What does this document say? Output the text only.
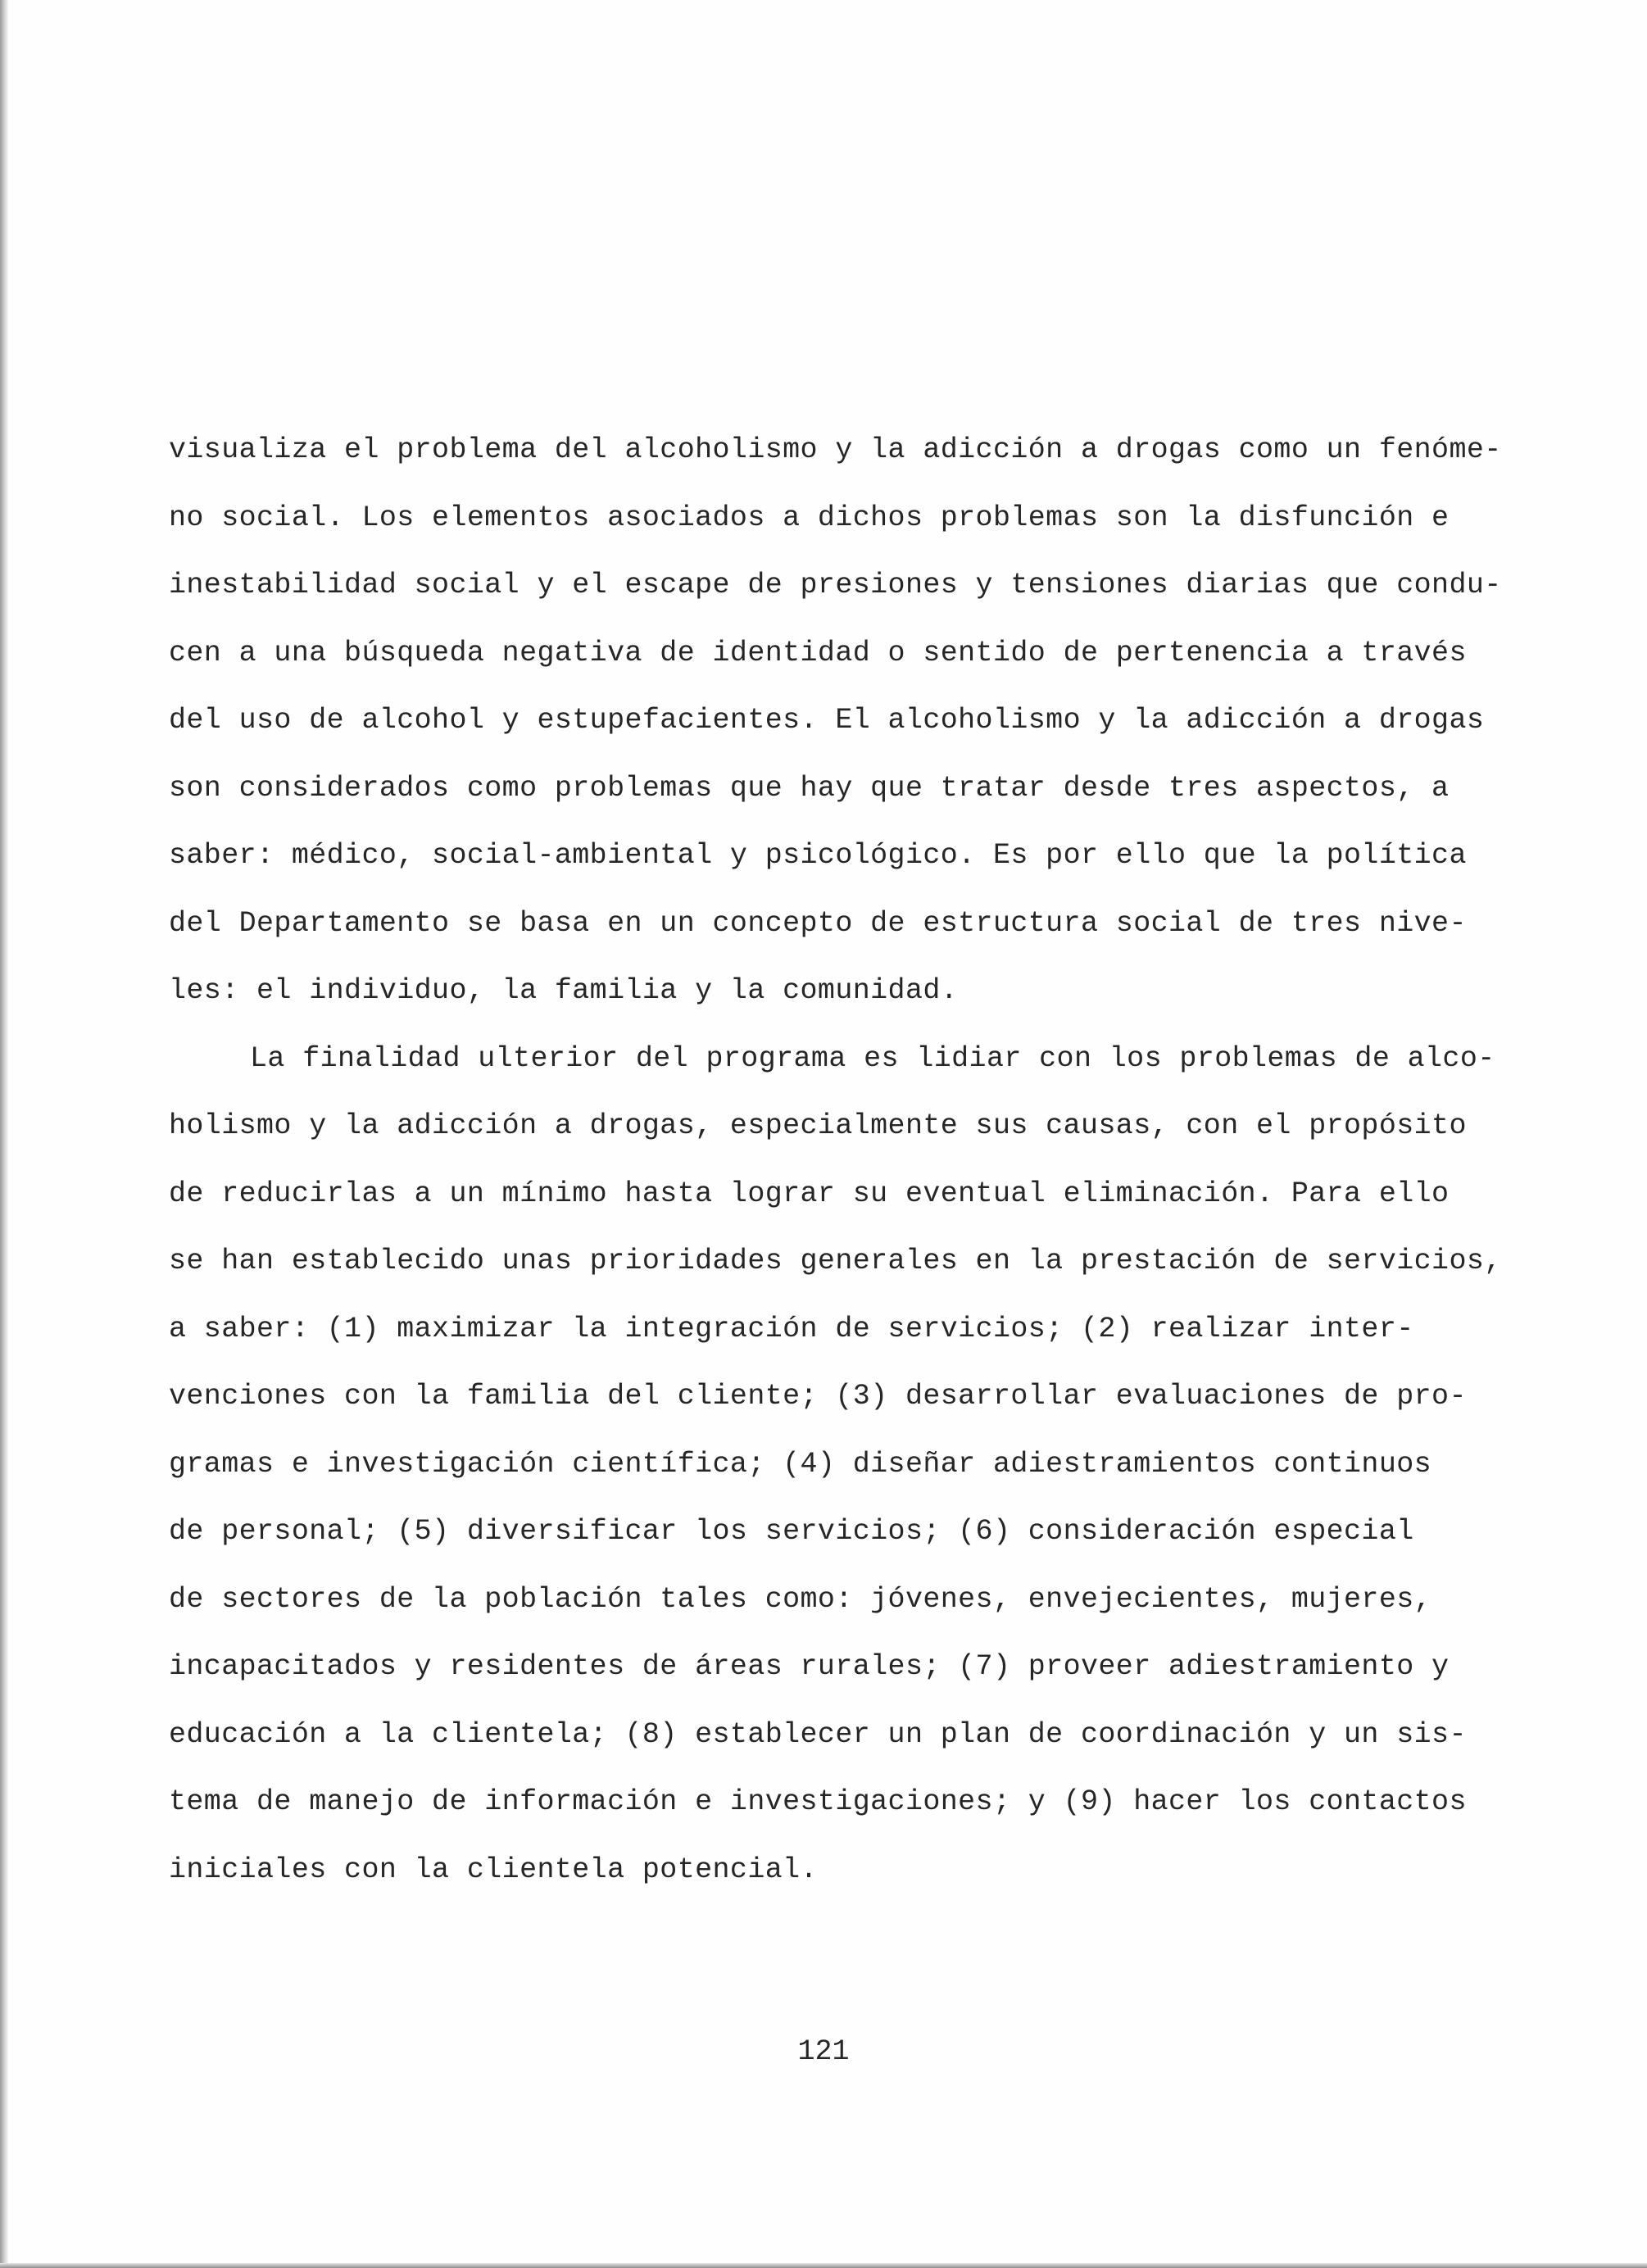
visualiza el problema del alcoholismo y la adicción a drogas como un fenóme-
no social. Los elementos asociados a dichos problemas son la disfunción e
inestabilidad social y el escape de presiones y tensiones diarias que condu-
cen a una búsqueda negativa de identidad o sentido de pertenencia a través
del uso de alcohol y estupefacientes. El alcoholismo y la adicción a drogas
son considerados como problemas que hay que tratar desde tres aspectos, a
saber: médico, social-ambiental y psicológico. Es por ello que la política
del Departamento se basa en un concepto de estructura social de tres nive-
les: el individuo, la familia y la comunidad.
La finalidad ulterior del programa es lidiar con los problemas de alco-
holismo y la adicción a drogas, especialmente sus causas, con el propósito
de reducirlas a un mínimo hasta lograr su eventual eliminación. Para ello
se han establecido unas prioridades generales en la prestación de servicios,
a saber: (1) maximizar la integración de servicios; (2) realizar inter-
venciones con la familia del cliente; (3) desarrollar evaluaciones de pro-
gramas e investigación científica; (4) diseñar adiestramientos continuos
de personal; (5) diversificar los servicios; (6) consideración especial
de sectores de la población tales como: jóvenes, envejecientes, mujeres,
incapacitados y residentes de áreas rurales; (7) proveer adiestramiento y
educación a la clientela; (8) establecer un plan de coordinación y un sis-
tema de manejo de información e investigaciones; y (9) hacer los contactos
iniciales con la clientela potencial.
121
